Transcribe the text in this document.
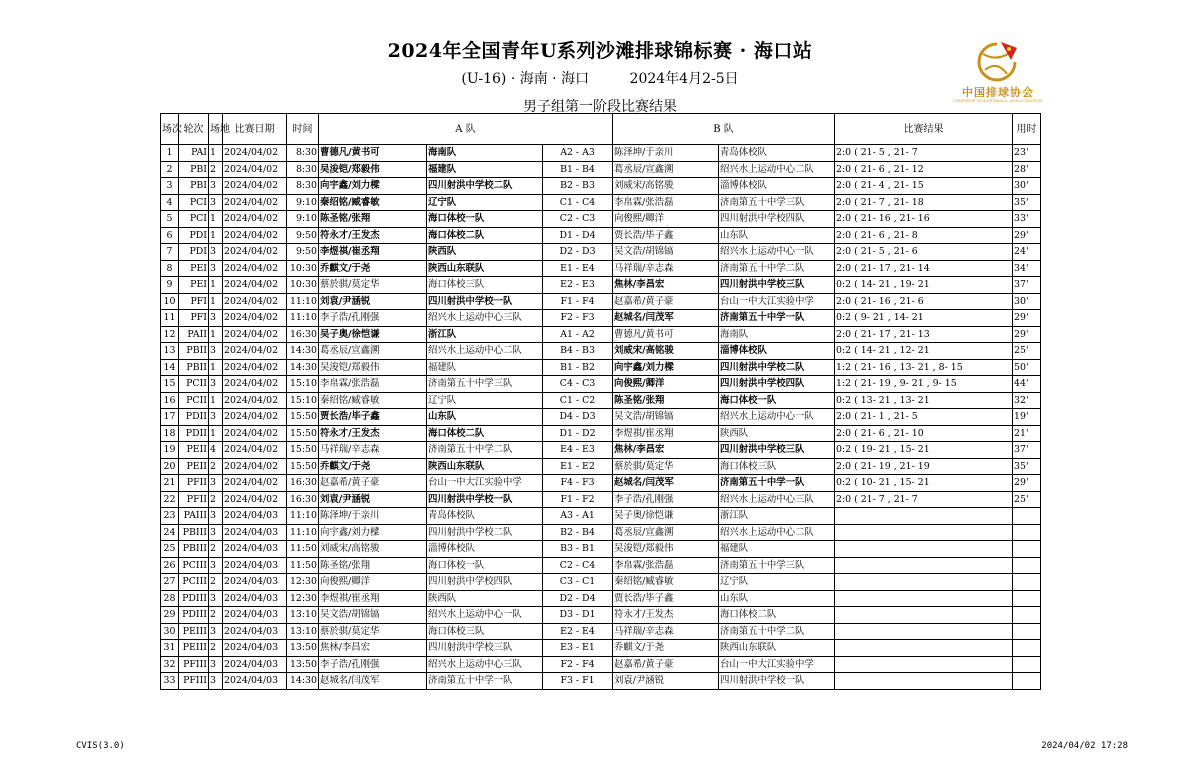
2024年全国青年U系列沙滩排球锦标赛 · 海口站
(U-16) · 海南 · 海口	2024年4月2-5日
男子组第一阶段比赛结果
中国排球协会
CHINESE VOLLEYBALL ASSOCIATION
场次	轮次	场地	比赛日期	时间	A 队			B 队		比赛结果	用时
1	PAI	1	2024/04/02	8:30	曹德凡/黄书可	海南队	A2 - A3	陈泽坤/于亲川	青岛体校队	2:0 ( 21- 5 , 21- 7	23'
2	PBI	2	2024/04/02	8:30	吴浚铠/郑毅伟	福建队	B1 - B4	葛丞辰/宣鑫溯	绍兴水上运动中心二队	2:0 ( 21- 6 , 21- 12	28'
3	PBI	3	2024/04/02	8:30	向宇鑫/刘力樑	四川射洪中学校二队	B2 - B3	刘威宋/高铭骏	淄博体校队	2:0 ( 21- 4 , 21- 15	30'
4	PCI	3	2024/04/02	9:10	秦绍铭/臧睿敏	辽宁队	C1 - C4	李帛霖/张浩磊	济南第五十中学三队	2:0 ( 21- 7 , 21- 18	35'
5	PCI	1	2024/04/02	9:10	陈圣铭/张翔	海口体校一队	C2 - C3	向俊熙/卿洋	四川射洪中学校四队	2:0 ( 21- 16 , 21- 16	33'
6	PDI	1	2024/04/02	9:50	符永才/王发杰	海口体校二队	D1 - D4	贾长浩/毕子鑫	山东队	2:0 ( 21- 6 , 21- 8	29'
7	PDI	3	2024/04/02	9:50	李煜祺/崔丞翔	陕西队	D2 - D3	吴文浩/胡锦镐	绍兴水上运动中心一队	2:0 ( 21- 5 , 21- 6	24'
8	PEI	3	2024/04/02	10:30	乔麒文/于尧	陕西山东联队	E1 - E4	马祥瑞/辛志森	济南第五十中学二队	2:0 ( 21- 17 , 21- 14	34'
9	PEI	1	2024/04/02	10:30	蔡於骐/莫定华	海口体校三队	E2 - E3	焦林/李昌宏	四川射洪中学校三队	0:2 ( 14- 21 , 19- 21	37'
10	PFI	1	2024/04/02	11:10	刘袁/尹涵锐	四川射洪中学校一队	F1 - F4	赵嘉希/黄子豪	台山一中大江实验中学	2:0 ( 21- 16 , 21- 6	30'
11	PFI	3	2024/04/02	11:10	李子浩/孔刚强	绍兴水上运动中心三队	F2 - F3	赵城名/闫茂军	济南第五十中学一队	0:2 ( 9- 21 , 14- 21	29'
12	PAII	1	2024/04/02	16:30	吴子奥/徐恺谦	浙江队	A1 - A2	曹德凡/黄书可	海南队	2:0 ( 21- 17 , 21- 13	29'
13	PBII	3	2024/04/02	14:30	葛丞辰/宣鑫溯	绍兴水上运动中心二队	B4 - B3	刘威宋/高铭骏	淄博体校队	0:2 ( 14- 21 , 12- 21	25'
14	PBII	1	2024/04/02	14:30	吴浚铠/郑毅伟	福建队	B1 - B2	向宇鑫/刘力樑	四川射洪中学校二队	1:2 ( 21- 16 , 13- 21 , 8- 15	50'
15	PCII	3	2024/04/02	15:10	李帛霖/张浩磊	济南第五十中学三队	C4 - C3	向俊熙/卿洋	四川射洪中学校四队	1:2 ( 21- 19 , 9- 21 , 9- 15	44'
16	PCII	1	2024/04/02	15:10	秦绍铭/臧睿敏	辽宁队	C1 - C2	陈圣铭/张翔	海口体校一队	0:2 ( 13- 21 , 13- 21	32'
17	PDII	3	2024/04/02	15:50	贾长浩/毕子鑫	山东队	D4 - D3	吴文浩/胡锦镐	绍兴水上运动中心一队	2:0 ( 21- 1 , 21- 5	19'
18	PDII	1	2024/04/02	15:50	符永才/王发杰	海口体校二队	D1 - D2	李煜祺/崔丞翔	陕西队	2:0 ( 21- 6 , 21- 10	21'
19	PEII	4	2024/04/02	15:50	马祥瑞/辛志森	济南第五十中学二队	E4 - E3	焦林/李昌宏	四川射洪中学校三队	0:2 ( 19- 21 , 15- 21	37'
20	PEII	2	2024/04/02	15:50	乔麒文/于尧	陕西山东联队	E1 - E2	蔡於骐/莫定华	海口体校三队	2:0 ( 21- 19 , 21- 19	35'
21	PFII	3	2024/04/02	16:30	赵嘉希/黄子豪	台山一中大江实验中学	F4 - F3	赵城名/闫茂军	济南第五十中学一队	0:2 ( 10- 21 , 15- 21	29'
22	PFII	2	2024/04/02	16:30	刘袁/尹涵锐	四川射洪中学校一队	F1 - F2	李子浩/孔刚强	绍兴水上运动中心三队	2:0 ( 21- 7 , 21- 7	25'
23	PAIII	3	2024/04/03	11:10	陈泽坤/于亲川	青岛体校队	A3 - A1	吴子奥/徐恺谦	浙江队		
24	PBIII	3	2024/04/03	11:10	向宇鑫/刘力樑	四川射洪中学校二队	B2 - B4	葛丞辰/宣鑫溯	绍兴水上运动中心二队		
25	PBIII	2	2024/04/03	11:50	刘威宋/高铭骏	淄博体校队	B3 - B1	吴浚铠/郑毅伟	福建队		
26	PCIII	3	2024/04/03	11:50	陈圣铭/张翔	海口体校一队	C2 - C4	李帛霖/张浩磊	济南第五十中学三队		
27	PCIII	2	2024/04/03	12:30	向俊熙/卿洋	四川射洪中学校四队	C3 - C1	秦绍铭/臧睿敏	辽宁队		
28	PDIII	3	2024/04/03	12:30	李煜祺/崔丞翔	陕西队	D2 - D4	贾长浩/毕子鑫	山东队		
29	PDIII	2	2024/04/03	13:10	吴文浩/胡锦镐	绍兴水上运动中心一队	D3 - D1	符永才/王发杰	海口体校二队		
30	PEIII	3	2024/04/03	13:10	蔡於骐/莫定华	海口体校三队	E2 - E4	马祥瑞/辛志森	济南第五十中学二队		
31	PEIII	2	2024/04/03	13:50	焦林/李昌宏	四川射洪中学校三队	E3 - E1	乔麒文/于尧	陕西山东联队		
32	PFIII	3	2024/04/03	13:50	李子浩/孔刚强	绍兴水上运动中心三队	F2 - F4	赵嘉希/黄子豪	台山一中大江实验中学		
33	PFIII	3	2024/04/03	14:30	赵城名/闫茂军	济南第五十中学一队	F3 - F1	刘袁/尹涵锐	四川射洪中学校一队		
CVIS(3.0)	2024/04/02 17:28
